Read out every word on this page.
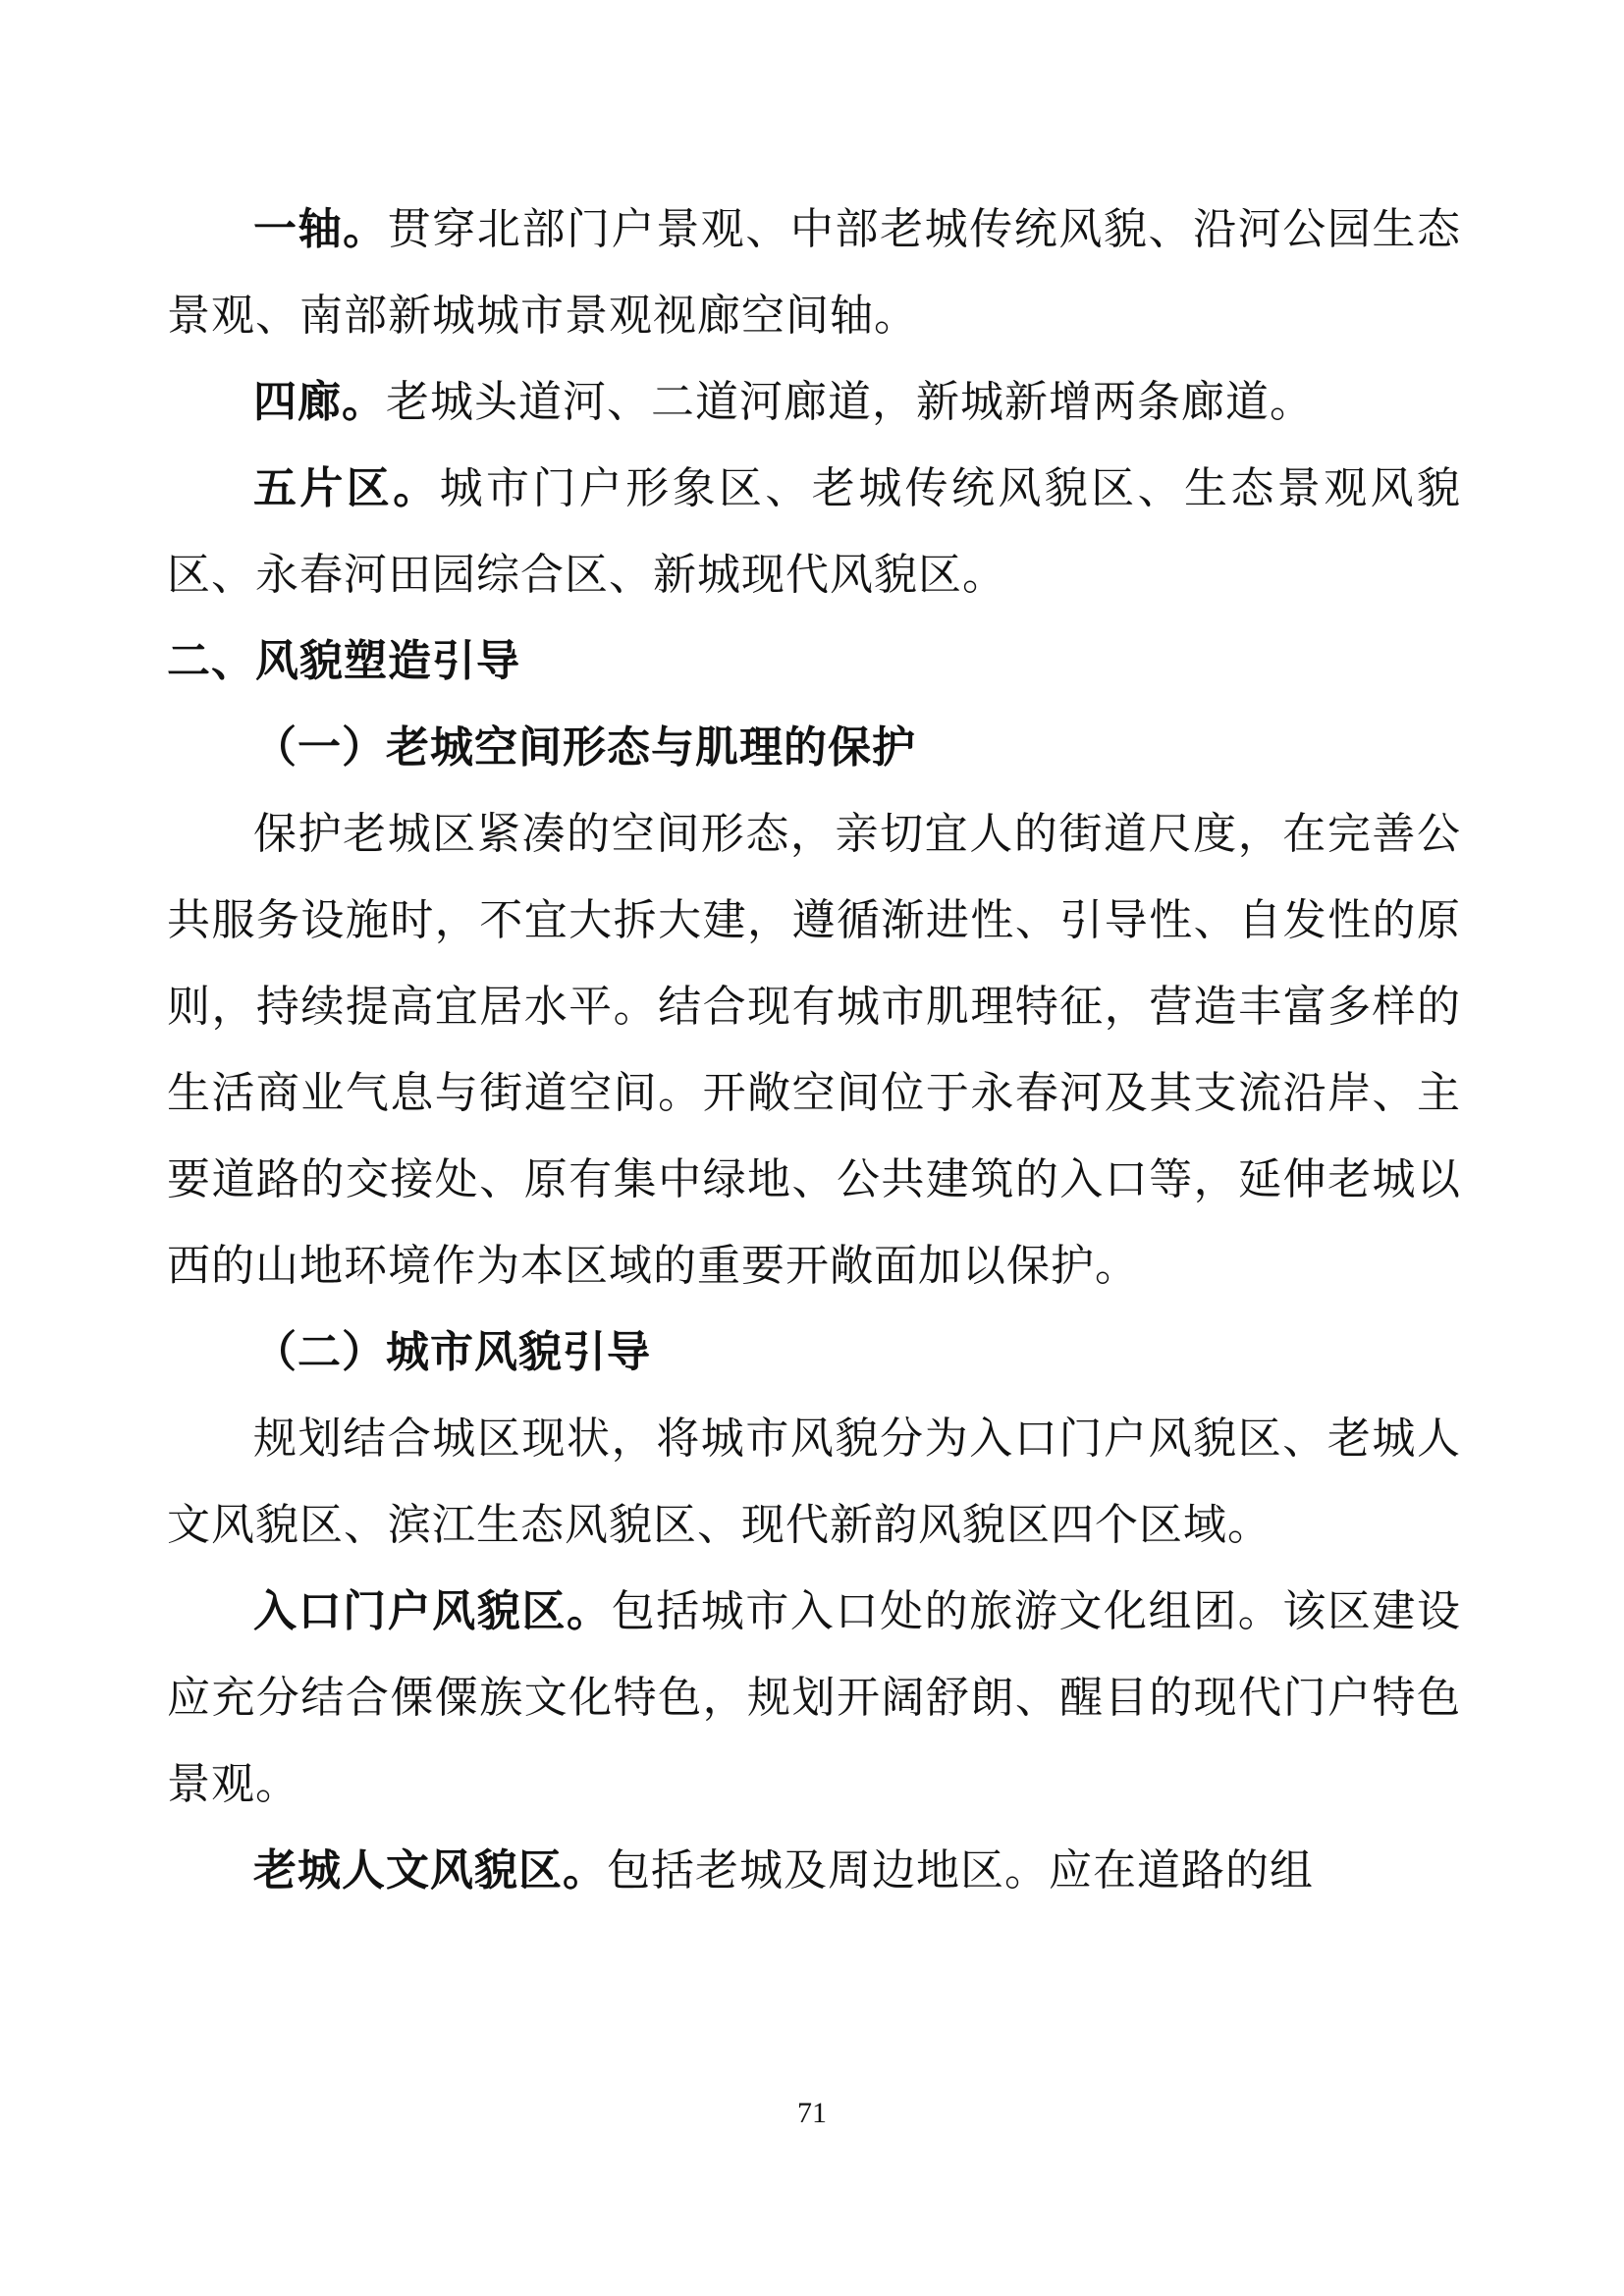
一轴。贯穿北部门户景观、中部老城传统风貌、沿河公园生态景观、南部新城城市景观视廊空间轴。

四廊。老城头道河、二道河廊道，新城新增两条廊道。

五片区。城市门户形象区、老城传统风貌区、生态景观风貌区、永春河田园综合区、新城现代风貌区。

二、风貌塑造引导
（一）老城空间形态与肌理的保护

保护老城区紧凑的空间形态，亲切宜人的街道尺度，在完善公共服务设施时，不宜大拆大建，遵循渐进性、引导性、自发性的原则，持续提高宜居水平。结合现有城市肌理特征，营造丰富多样的生活商业气息与街道空间。开敞空间位于永春河及其支流沿岸、主要道路的交接处、原有集中绿地、公共建筑的入口等，延伸老城以西的山地环境作为本区域的重要开敞面加以保护。

（二）城市风貌引导

规划结合城区现状，将城市风貌分为入口门户风貌区、老城人文风貌区、滨江生态风貌区、现代新韵风貌区四个区域。

入口门户风貌区。包括城市入口处的旅游文化组团。该区建设应充分结合傈僳族文化特色，规划开阔舒朗、醒目的现代门户特色景观。

老城人文风貌区。包括老城及周边地区。应在道路的组

71
